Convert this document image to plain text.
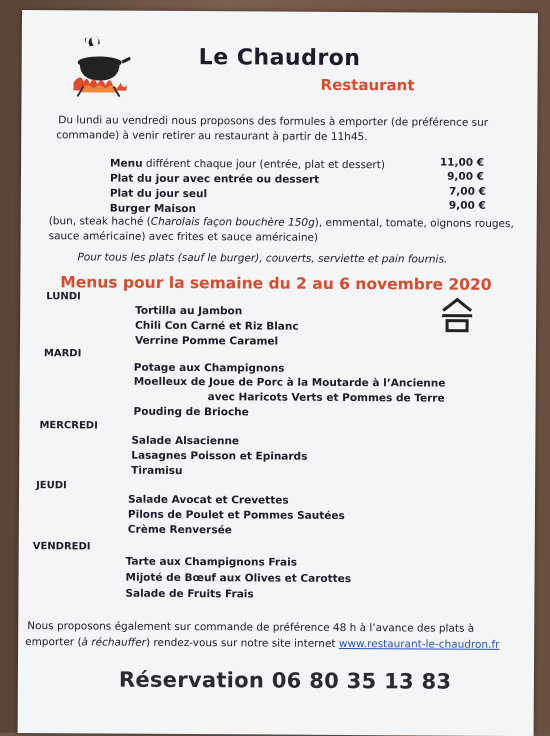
Le Chaudron
Restaurant
Du lundi au vendredi nous proposons des formules à emporter (de préférence sur
commande) à venir retirer au restaurant à partir de 11h45.
Menu différent chaque jour (entrée, plat et dessert)	11,00 €
Plat du jour avec entrée ou dessert	9,00 €
Plat du jour seul	7,00 €
Burger Maison	9,00 €
(bun, steak haché (Charolais façon bouchère 150g), emmental, tomate, oignons rouges,
sauce américaine) avec frites et sauce américaine)
Pour tous les plats (sauf le burger), couverts, serviette et pain fournis.
Menus pour la semaine du 2 au 6 novembre 2020
LUNDI
Tortilla au Jambon
Chili Con Carné et Riz Blanc
Verrine Pomme Caramel
MARDI
Potage aux Champignons
Moelleux de Joue de Porc à la Moutarde à l’Ancienne
avec Haricots Verts et Pommes de Terre
Pouding de Brioche
MERCREDI
Salade Alsacienne
Lasagnes Poisson et Epinards
Tiramisu
JEUDI
Salade Avocat et Crevettes
Pilons de Poulet et Pommes Sautées
Crème Renversée
VENDREDI
Tarte aux Champignons Frais
Mijoté de Bœuf aux Olives et Carottes
Salade de Fruits Frais
Nous proposons également sur commande de préférence 48 h à l’avance des plats à
emporter (à réchauffer) rendez-vous sur notre site internet www.restaurant-le-chaudron.fr
Réservation 06 80 35 13 83
